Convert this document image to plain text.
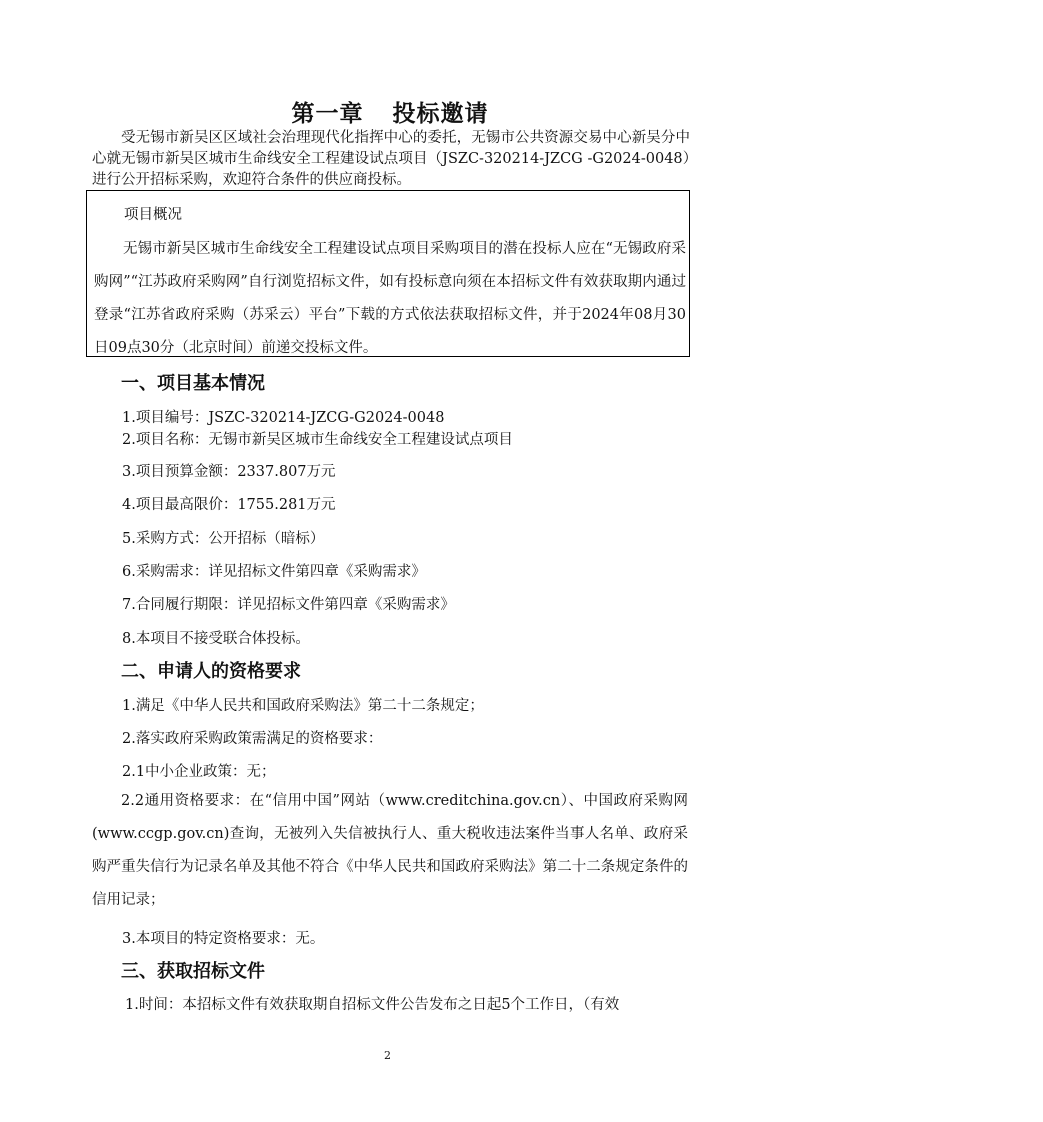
第一章 投标邀请

受无锡市新吴区区域社会治理现代化指挥中心的委托，无锡市公共资源交易中心新吴分中心就无锡市新吴区城市生命线安全工程建设试点项目（JSZC-320214-JZCG -G2024-0048）进行公开招标采购，欢迎符合条件的供应商投标。

项目概况

无锡市新吴区城市生命线安全工程建设试点项目采购项目的潜在投标人应在“无锡政府采购网”“江苏政府采购网”自行浏览招标文件，如有投标意向须在本招标文件有效获取期内通过登录“江苏省政府采购（苏采云）平台”下载的方式依法获取招标文件，并于2024年08月30日09点30分（北京时间）前递交投标文件。

一、项目基本情况
1.项目编号：JSZC-320214-JZCG-G2024-0048
2.项目名称：无锡市新吴区城市生命线安全工程建设试点项目
3.项目预算金额：2337.807万元
4.项目最高限价：1755.281万元
5.采购方式：公开招标（暗标）
6.采购需求：详见招标文件第四章《采购需求》
7.合同履行期限：详见招标文件第四章《采购需求》
8.本项目不接受联合体投标。
二、申请人的资格要求
1.满足《中华人民共和国政府采购法》第二十二条规定；
2.落实政府采购政策需满足的资格要求：
2.1中小企业政策：无；

2.2通用资格要求：在“信用中国”网站（www.creditchina.gov.cn）、中国政府采购网(www.ccgp.gov.cn)查询，无被列入失信被执行人、重大税收违法案件当事人名单、政府采购严重失信行为记录名单及其他不符合《中华人民共和国政府采购法》第二十二条规定条件的信用记录；

3.本项目的特定资格要求：无。
三、获取招标文件
1.时间：本招标文件有效获取期自招标文件公告发布之日起5个工作日，（有效
2
